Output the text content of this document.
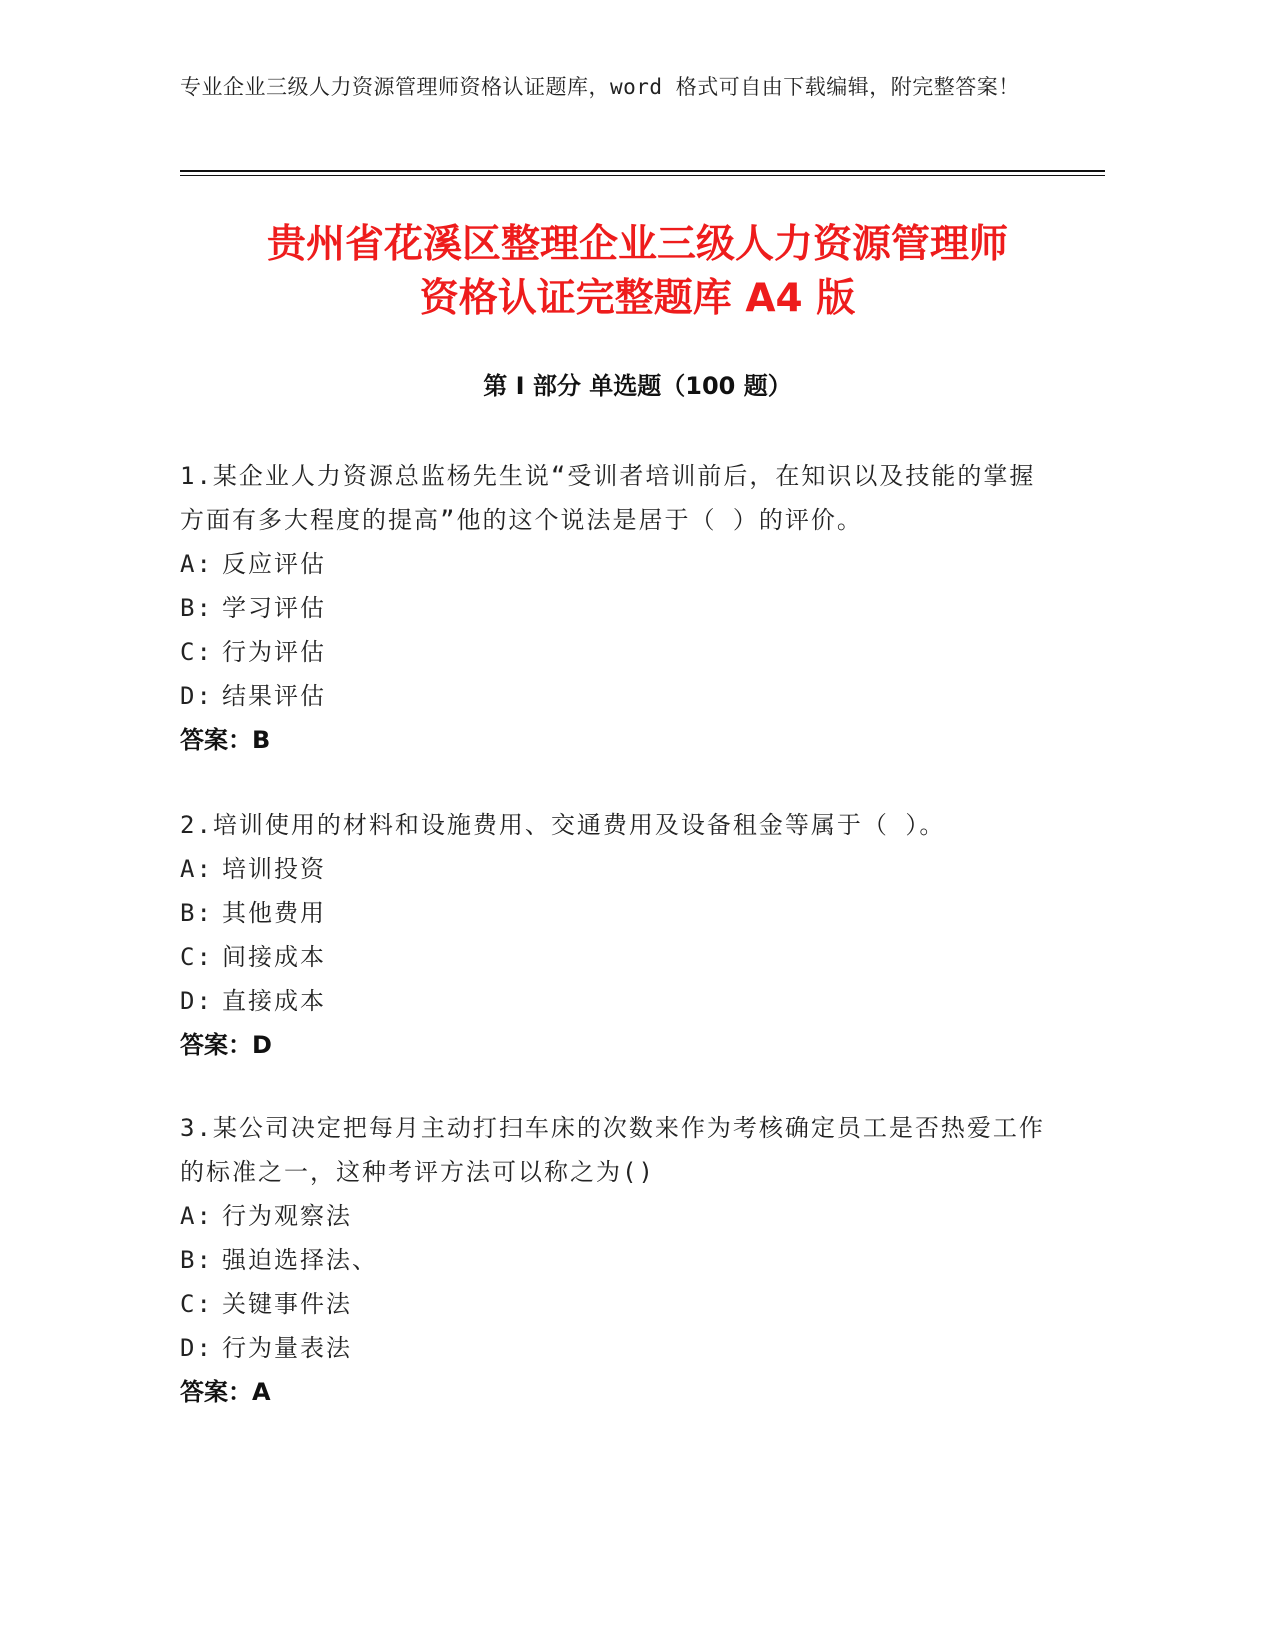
专业企业三级人力资源管理师资格认证题库，word 格式可自由下载编辑，附完整答案！
贵州省花溪区整理企业三级人力资源管理师
资格认证完整题库 A4 版
第 I 部分 单选题（100 题）
1.某企业人力资源总监杨先生说“受训者培训前后，在知识以及技能的掌握方面有多大程度的提高”他的这个说法是居于（ ）的评价。
A: 反应评估
B: 学习评估
C: 行为评估
D: 结果评估
答案：B
2.培训使用的材料和设施费用、交通费用及设备租金等属于（ ）。
A: 培训投资
B: 其他费用
C: 间接成本
D: 直接成本
答案：D
3.某公司决定把每月主动打扫车床的次数来作为考核确定员工是否热爱工作的标准之一，这种考评方法可以称之为()
A: 行为观察法
B: 强迫选择法、
C: 关键事件法
D: 行为量表法
答案：A
